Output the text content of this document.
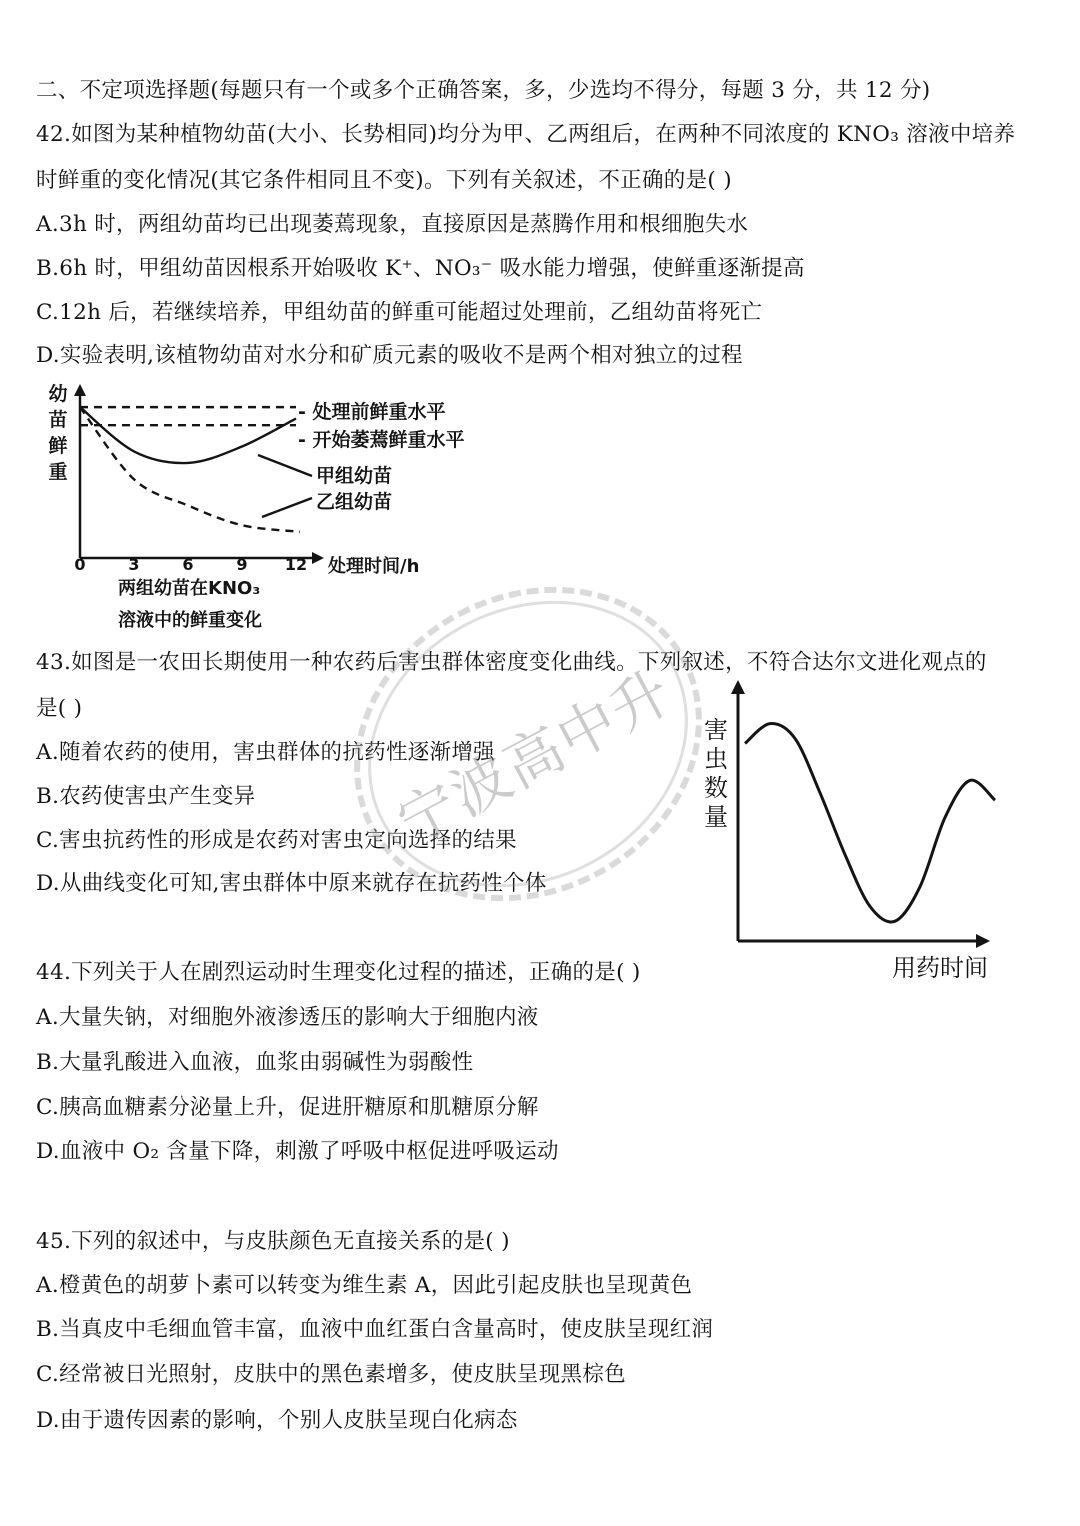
二、不定项选择题(每题只有一个或多个正确答案，多，少选均不得分，每题 3 分，共 12 分)
42.如图为某种植物幼苗(大小、长势相同)均分为甲、乙两组后，在两种不同浓度的 KNO₃ 溶液中培养
时鲜重的变化情况(其它条件相同且不变)。下列有关叙述，不正确的是( )
A.3h 时，两组幼苗均已出现萎蔫现象，直接原因是蒸腾作用和根细胞失水
B.6h 时，甲组幼苗因根系开始吸收 K⁺、NO₃⁻ 吸水能力增强，使鲜重逐渐提高
C.12h 后，若继续培养，甲组幼苗的鲜重可能超过处理前，乙组幼苗将死亡
D.实验表明,该植物幼苗对水分和矿质元素的吸收不是两个相对独立的过程
幼苗鲜重
0	3	6	9 12
- 处理前鲜重水平
- 开始萎蔫鲜重水平
甲组幼苗
乙组幼苗
处理时间/h
两组幼苗在KNO₃
溶液中的鲜重变化
43.如图是一农田长期使用一种农药后害虫群体密度变化曲线。下列叙述，不符合达尔文进化观点的
是( )
A.随着农药的使用，害虫群体的抗药性逐渐增强
B.农药使害虫产生变异
C.害虫抗药性的形成是农药对害虫定向选择的结果
D.从曲线变化可知,害虫群体中原来就存在抗药性个体
害虫数量
用药时间
宁波高中升
44.下列关于人在剧烈运动时生理变化过程的描述，正确的是( )
A.大量失钠，对细胞外液渗透压的影响大于细胞内液
B.大量乳酸进入血液，血浆由弱碱性为弱酸性
C.胰高血糖素分泌量上升，促进肝糖原和肌糖原分解
D.血液中 O₂ 含量下降，刺激了呼吸中枢促进呼吸运动
45.下列的叙述中，与皮肤颜色无直接关系的是( )
A.橙黄色的胡萝卜素可以转变为维生素 A，因此引起皮肤也呈现黄色
B.当真皮中毛细血管丰富，血液中血红蛋白含量高时，使皮肤呈现红润
C.经常被日光照射，皮肤中的黑色素增多，使皮肤呈现黑棕色
D.由于遗传因素的影响，个别人皮肤呈现白化病态
